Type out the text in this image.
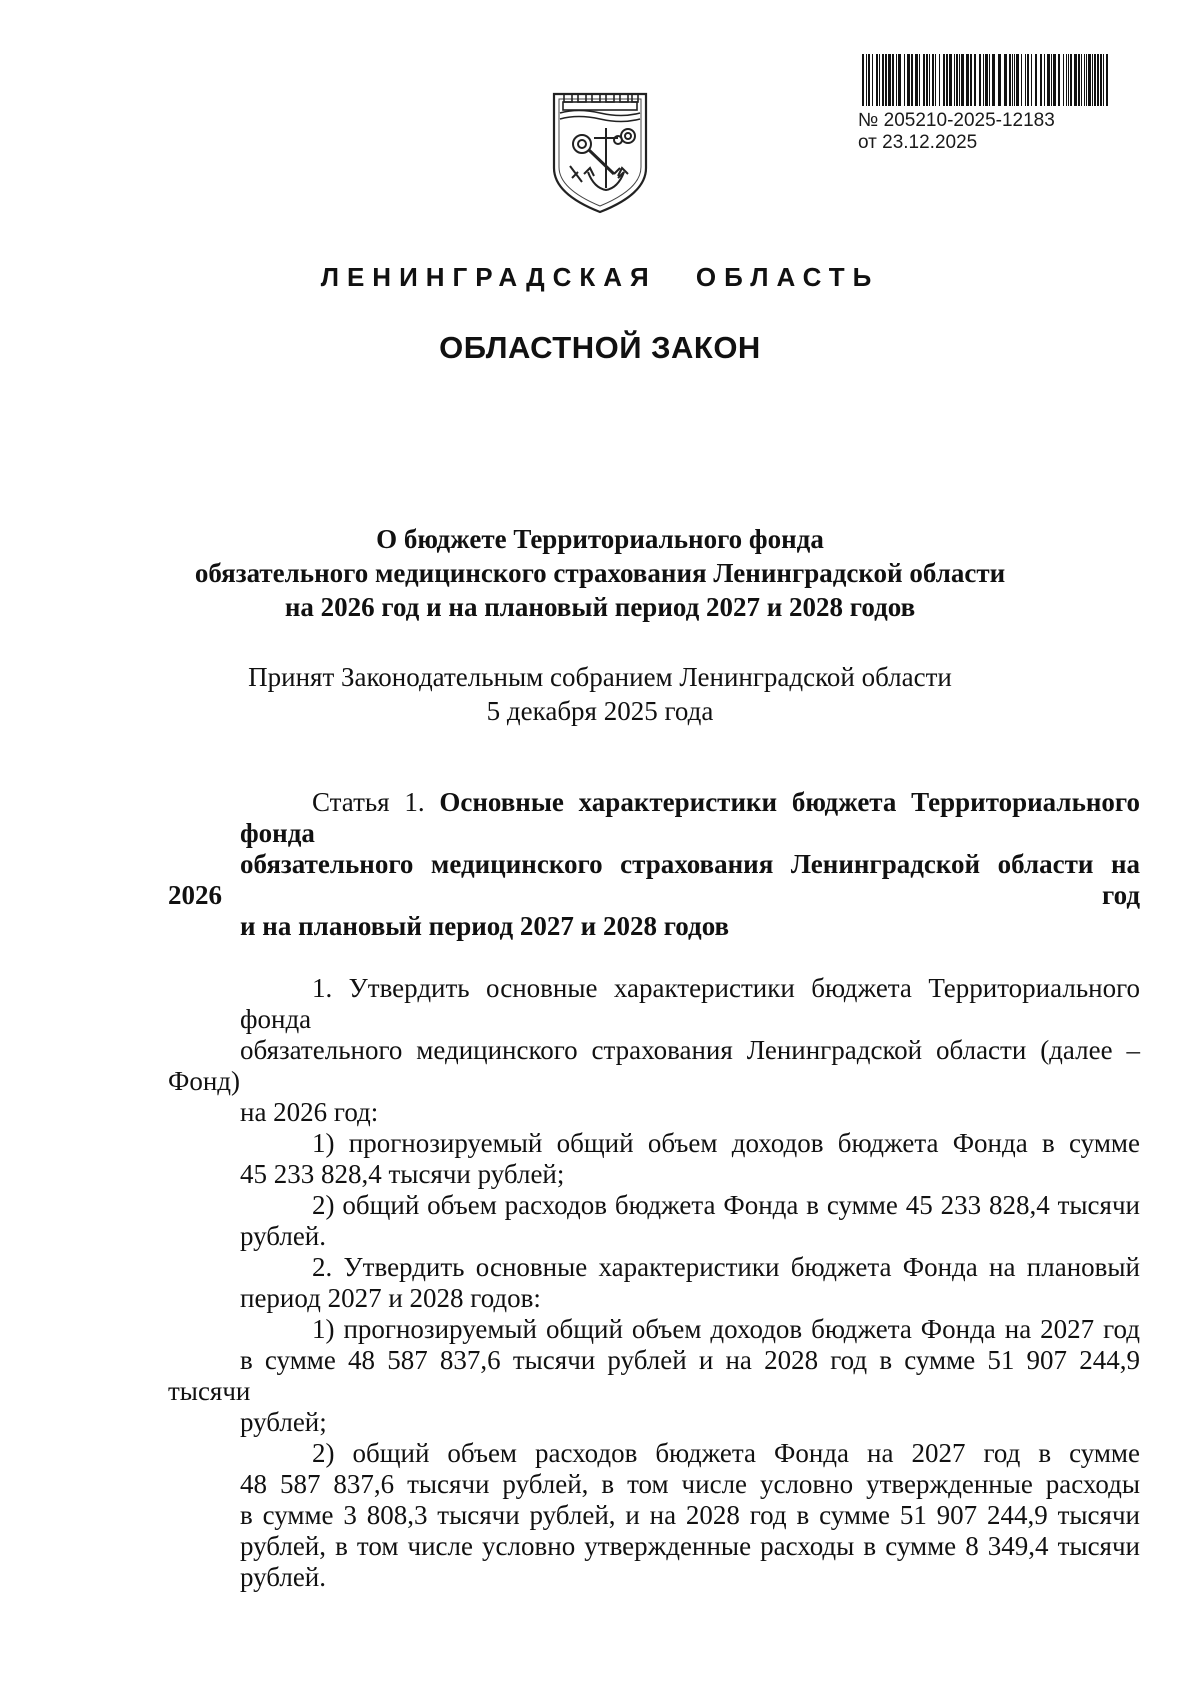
№ 205210-2025-12183
от 23.12.2025
ЛЕНИНГРАДСКАЯ ОБЛАСТЬ
ОБЛАСТНОЙ ЗАКОН
О бюджете Территориального фонда
обязательного медицинского страхования Ленинградской области
на 2026 год и на плановый период 2027 и 2028 годов
Принят Законодательным собранием Ленинградской области
5 декабря 2025 года
Статья 1. Основные характеристики бюджета Территориального фонда
обязательного медицинского страхования Ленинградской области на 2026 год
и на плановый период 2027 и 2028 годов
1. Утвердить основные характеристики бюджета Территориального фонда
обязательного медицинского страхования Ленинградской области (далее – Фонд)
на 2026 год:
1) прогнозируемый общий объем доходов бюджета Фонда в сумме
45 233 828,4 тысячи рублей;
2) общий объем расходов бюджета Фонда в сумме 45 233 828,4 тысячи
рублей.
2. Утвердить основные характеристики бюджета Фонда на плановый
период 2027 и 2028 годов:
1) прогнозируемый общий объем доходов бюджета Фонда на 2027 год
в сумме 48 587 837,6 тысячи рублей и на 2028 год в сумме 51 907 244,9 тысячи
рублей;
2) общий объем расходов бюджета Фонда на 2027 год в сумме
48 587 837,6 тысячи рублей, в том числе условно утвержденные расходы
в сумме 3 808,3 тысячи рублей, и на 2028 год в сумме 51 907 244,9 тысячи
рублей, в том числе условно утвержденные расходы в сумме 8 349,4 тысячи
рублей.
